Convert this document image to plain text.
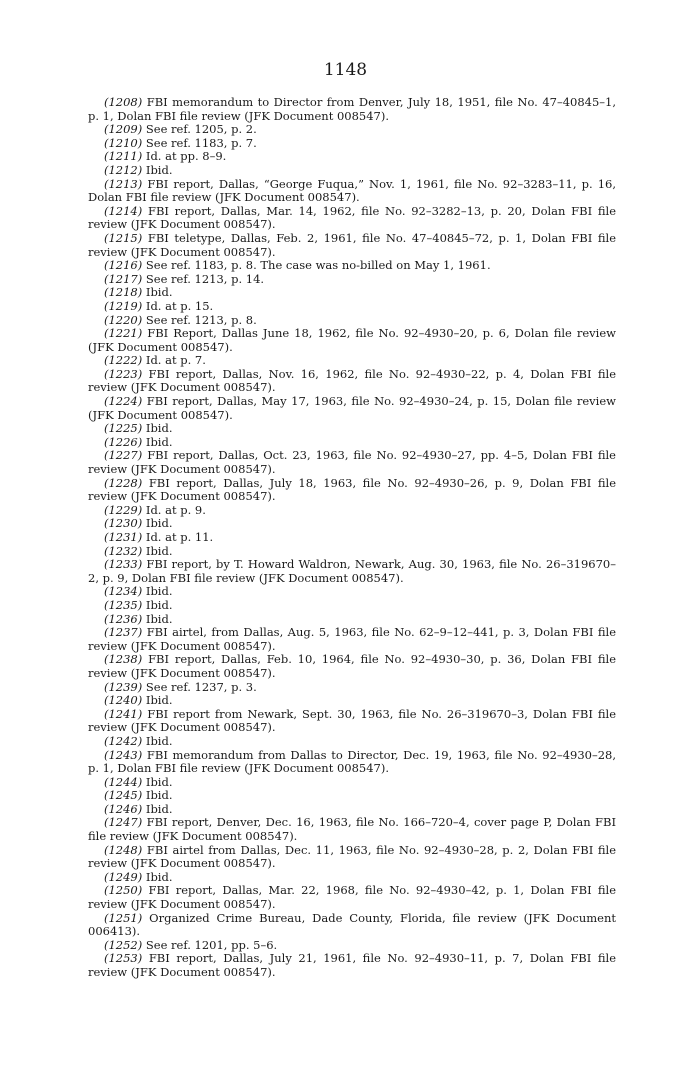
1148

(1208) FBI memorandum to Director from Denver, July 18, 1951, file No. 47–40845–1, p. 1, Dolan FBI file review (JFK Document 008547).

(1209) See ref. 1205, p. 2.

(1210) See ref. 1183, p. 7.

(1211) Id. at pp. 8–9.

(1212) Ibid.

(1213) FBI report, Dallas, “George Fuqua,” Nov. 1, 1961, file No. 92–3283–11, p. 16, Dolan FBI file review (JFK Document 008547).

(1214) FBI report, Dallas, Mar. 14, 1962, file No. 92–3282–13, p. 20, Dolan FBI file review (JFK Document 008547).

(1215) FBI teletype, Dallas, Feb. 2, 1961, file No. 47–40845–72, p. 1, Dolan FBI file review (JFK Document 008547).

(1216) See ref. 1183, p. 8. The case was no-billed on May 1, 1961.

(1217) See ref. 1213, p. 14.

(1218) Ibid.

(1219) Id. at p. 15.

(1220) See ref. 1213, p. 8.

(1221) FBI Report, Dallas June 18, 1962, file No. 92–4930–20, p. 6, Dolan file review (JFK Document 008547).

(1222) Id. at p. 7.

(1223) FBI report, Dallas, Nov. 16, 1962, file No. 92–4930–22, p. 4, Dolan FBI file review (JFK Document 008547).

(1224) FBI report, Dallas, May 17, 1963, file No. 92–4930–24, p. 15, Dolan file review (JFK Document 008547).

(1225) Ibid.

(1226) Ibid.

(1227) FBI report, Dallas, Oct. 23, 1963, file No. 92–4930–27, pp. 4–5, Dolan FBI file review (JFK Document 008547).

(1228) FBI report, Dallas, July 18, 1963, file No. 92–4930–26, p. 9, Dolan FBI file review (JFK Document 008547).

(1229) Id. at p. 9.

(1230) Ibid.

(1231) Id. at p. 11.

(1232) Ibid.

(1233) FBI report, by T. Howard Waldron, Newark, Aug. 30, 1963, file No. 26–319670–2, p. 9, Dolan FBI file review (JFK Document 008547).

(1234) Ibid.

(1235) Ibid.

(1236) Ibid.

(1237) FBI airtel, from Dallas, Aug. 5, 1963, file No. 62–9–12–441, p. 3, Dolan FBI file review (JFK Document 008547).

(1238) FBI report, Dallas, Feb. 10, 1964, file No. 92–4930–30, p. 36, Dolan FBI file review (JFK Document 008547).

(1239) See ref. 1237, p. 3.

(1240) Ibid.

(1241) FBI report from Newark, Sept. 30, 1963, file No. 26–319670–3, Dolan FBI file review (JFK Document 008547).

(1242) Ibid.

(1243) FBI memorandum from Dallas to Director, Dec. 19, 1963, file No. 92–4930–28, p. 1, Dolan FBI file review (JFK Document 008547).

(1244) Ibid.

(1245) Ibid.

(1246) Ibid.

(1247) FBI report, Denver, Dec. 16, 1963, file No. 166–720–4, cover page P, Dolan FBI file review (JFK Document 008547).

(1248) FBI airtel from Dallas, Dec. 11, 1963, file No. 92–4930–28, p. 2, Dolan FBI file review (JFK Document 008547).

(1249) Ibid.

(1250) FBI report, Dallas, Mar. 22, 1968, file No. 92–4930–42, p. 1, Dolan FBI file review (JFK Document 008547).

(1251) Organized Crime Bureau, Dade County, Florida, file review (JFK Document 006413).

(1252) See ref. 1201, pp. 5–6.

(1253) FBI report, Dallas, July 21, 1961, file No. 92–4930–11, p. 7, Dolan FBI file review (JFK Document 008547).
